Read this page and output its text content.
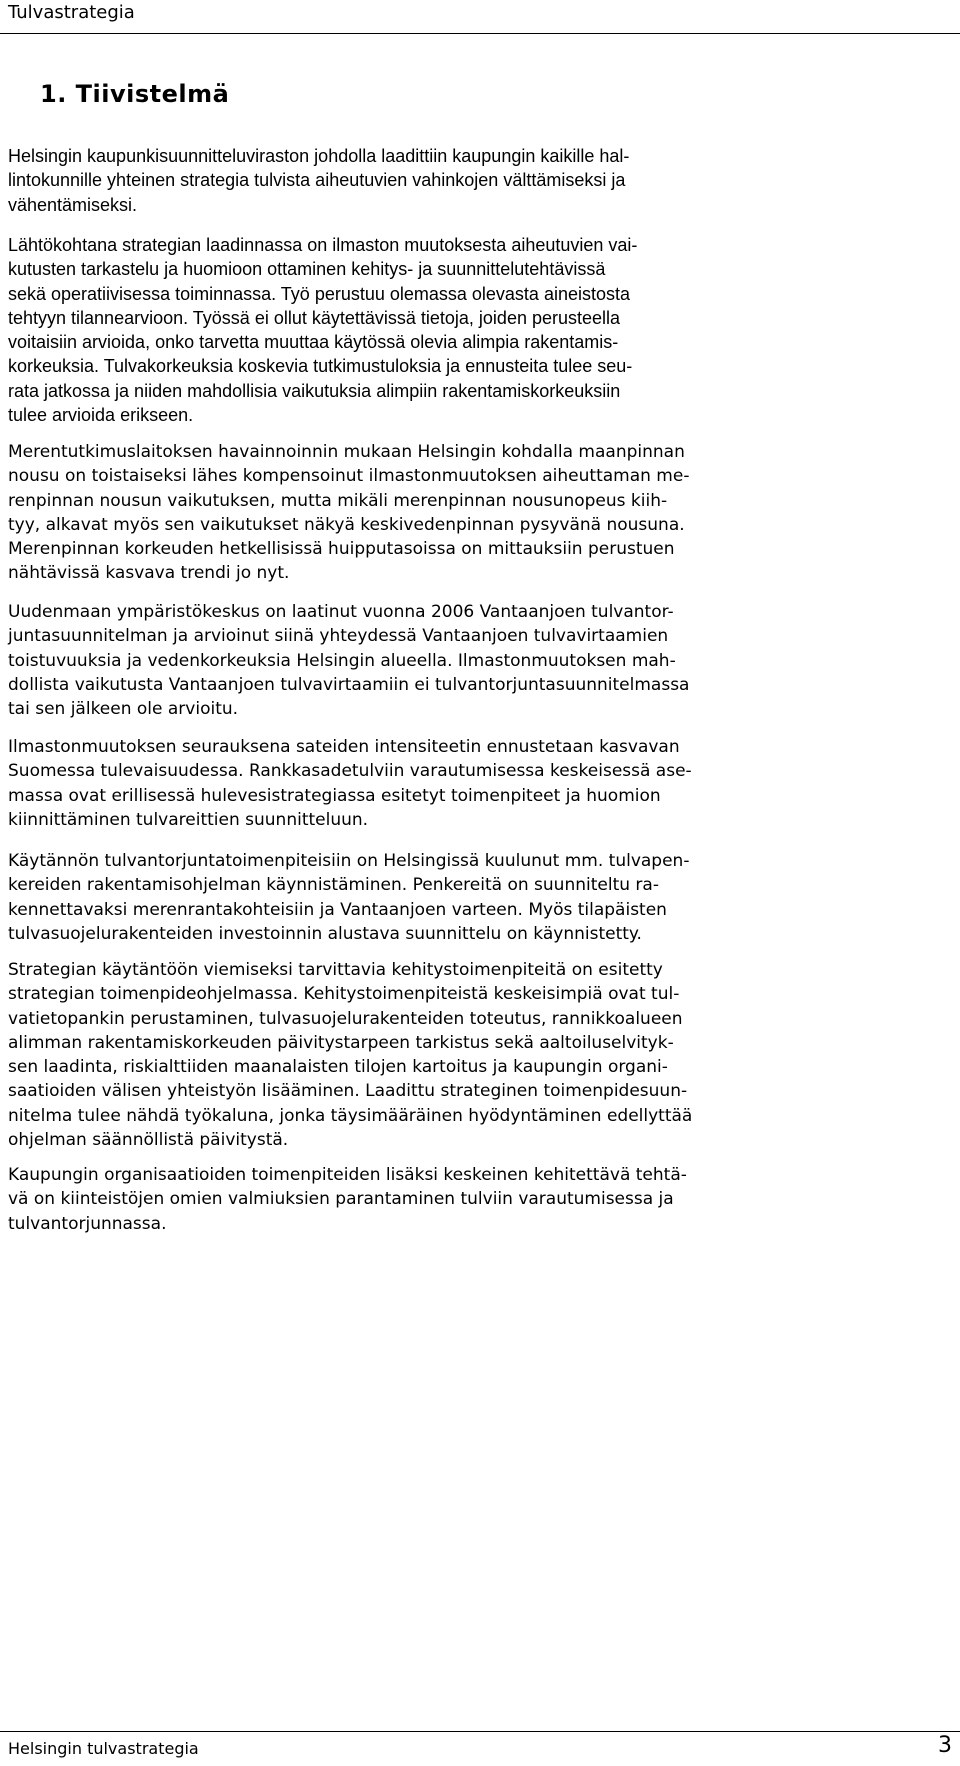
Tulvastrategia
1. Tiivistelmä

Helsingin kaupunkisuunnitteluviraston johdolla laadittiin kaupungin kaikille hal-
lintokunnille yhteinen strategia tulvista aiheutuvien vahinkojen välttämiseksi ja
vähentämiseksi.

Lähtökohtana strategian laadinnassa on ilmaston muutoksesta aiheutuvien vai-
kutusten tarkastelu ja huomioon ottaminen kehitys- ja suunnittelutehtävissä
sekä operatiivisessa toiminnassa. Työ perustuu olemassa olevasta aineistosta
tehtyyn tilannearvioon. Työssä ei ollut käytettävissä tietoja, joiden perusteella
voitaisiin arvioida, onko tarvetta muuttaa käytössä olevia alimpia rakentamis-
korkeuksia. Tulvakorkeuksia koskevia tutkimustuloksia ja ennusteita tulee seu-
rata jatkossa ja niiden mahdollisia vaikutuksia alimpiin rakentamiskorkeuksiin
tulee arvioida erikseen.

Merentutkimuslaitoksen havainnoinnin mukaan Helsingin kohdalla maanpinnan
nousu on toistaiseksi lähes kompensoinut ilmastonmuutoksen aiheuttaman me-
renpinnan nousun vaikutuksen, mutta mikäli merenpinnan nousunopeus kiih-
tyy, alkavat myös sen vaikutukset näkyä keskivedenpinnan pysyvänä nousuna.
Merenpinnan korkeuden hetkellisissä huipputasoissa on mittauksiin perustuen
nähtävissä kasvava trendi jo nyt.

Uudenmaan ympäristökeskus on laatinut vuonna 2006 Vantaanjoen tulvantor-
juntasuunnitelman ja arvioinut siinä yhteydessä Vantaanjoen tulvavirtaamien
toistuvuuksia ja vedenkorkeuksia Helsingin alueella. Ilmastonmuutoksen mah-
dollista vaikutusta Vantaanjoen tulvavirtaamiin ei tulvantorjuntasuunnitelmassa
tai sen jälkeen ole arvioitu.

Ilmastonmuutoksen seurauksena sateiden intensiteetin ennustetaan kasvavan
Suomessa tulevaisuudessa. Rankkasadetulviin varautumisessa keskeisessä ase-
massa ovat erillisessä hulevesistrategiassa esitetyt toimenpiteet ja huomion
kiinnittäminen tulvareittien suunnitteluun.

Käytännön tulvantorjuntatoimenpiteisiin on Helsingissä kuulunut mm. tulvapen-
kereiden rakentamisohjelman käynnistäminen. Penkereitä on suunniteltu ra-
kennettavaksi merenrantakohteisiin ja Vantaanjoen varteen. Myös tilapäisten
tulvasuojelurakenteiden investoinnin alustava suunnittelu on käynnistetty.

Strategian käytäntöön viemiseksi tarvittavia kehitystoimenpiteitä on esitetty
strategian toimenpideohjelmassa. Kehitystoimenpiteistä keskeisimpiä ovat tul-
vatietopankin perustaminen, tulvasuojelurakenteiden toteutus, rannikkoalueen
alimman rakentamiskorkeuden päivitystarpeen tarkistus sekä aaltoiluselvityk-
sen laadinta, riskialttiiden maanalaisten tilojen kartoitus ja kaupungin organi-
saatioiden välisen yhteistyön lisääminen. Laadittu strateginen toimenpidesuun-
nitelma tulee nähdä työkaluna, jonka täysimääräinen hyödyntäminen edellyttää
ohjelman säännöllistä päivitystä.

Kaupungin organisaatioiden toimenpiteiden lisäksi keskeinen kehitettävä tehtä-
vä on kiinteistöjen omien valmiuksien parantaminen tulviin varautumisessa ja
tulvantorjunnassa.

Helsingin tulvastrategia	3
